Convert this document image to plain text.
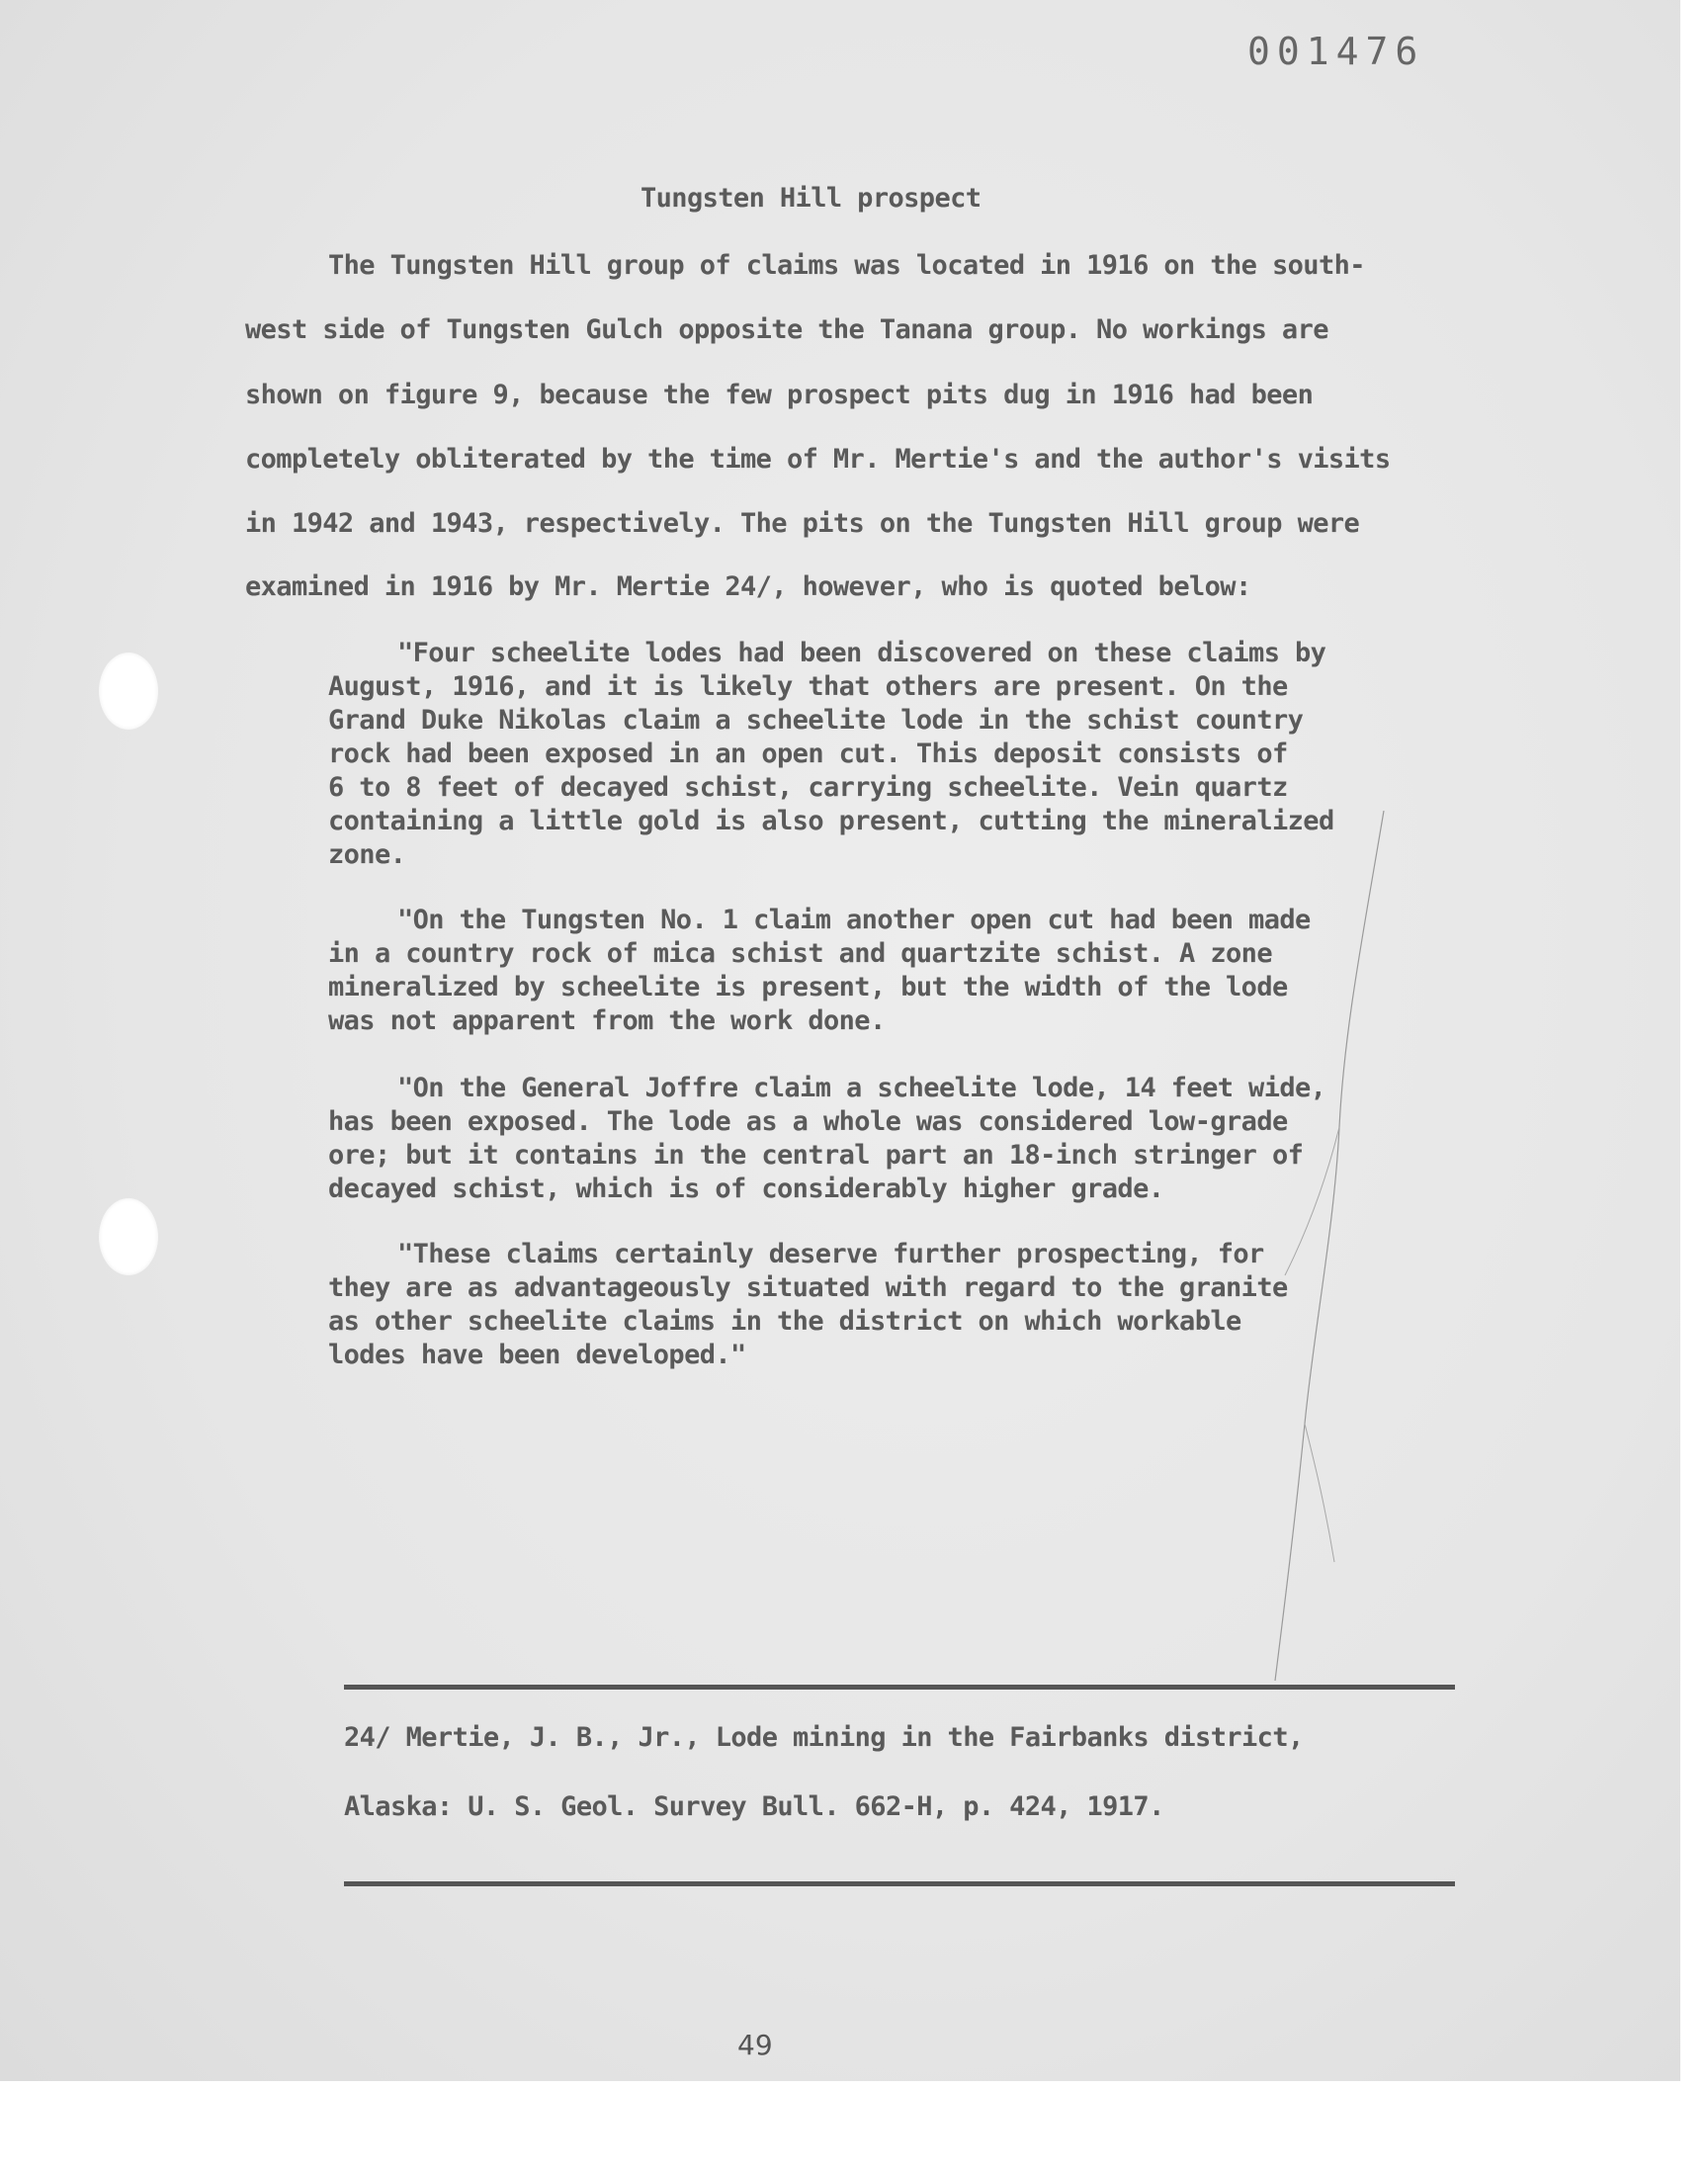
001476
Tungsten Hill prospect
The Tungsten Hill group of claims was located in 1916 on the south-
west side of Tungsten Gulch opposite the Tanana group. No workings are
shown on figure 9, because the few prospect pits dug in 1916 had been
completely obliterated by the time of Mr. Mertie's and the author's visits
in 1942 and 1943, respectively. The pits on the Tungsten Hill group were
examined in 1916 by Mr. Mertie 24/, however, who is quoted below:
"Four scheelite lodes had been discovered on these claims by
August, 1916, and it is likely that others are present. On the
Grand Duke Nikolas claim a scheelite lode in the schist country
rock had been exposed in an open cut. This deposit consists of
6 to 8 feet of decayed schist, carrying scheelite. Vein quartz
containing a little gold is also present, cutting the mineralized
zone.
"On the Tungsten No. 1 claim another open cut had been made
in a country rock of mica schist and quartzite schist. A zone
mineralized by scheelite is present, but the width of the lode
was not apparent from the work done.
"On the General Joffre claim a scheelite lode, 14 feet wide,
has been exposed. The lode as a whole was considered low-grade
ore; but it contains in the central part an 18-inch stringer of
decayed schist, which is of considerably higher grade.
"These claims certainly deserve further prospecting, for
they are as advantageously situated with regard to the granite
as other scheelite claims in the district on which workable
lodes have been developed."
24/ Mertie, J. B., Jr., Lode mining in the Fairbanks district,
Alaska: U. S. Geol. Survey Bull. 662-H, p. 424, 1917.
49
